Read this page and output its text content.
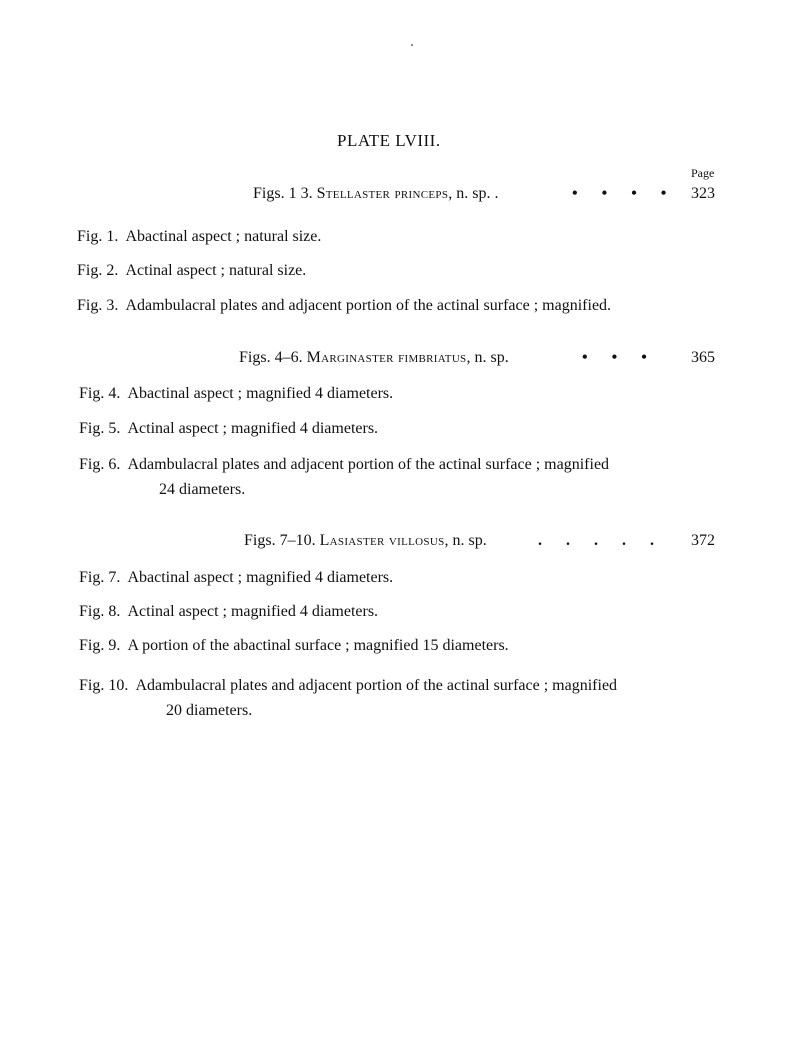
PLATE LVIII.
Page
Figs. 1 3. Stellaster princeps, n. sp. .	• • • • 323
Fig. 1. Abactinal aspect ; natural size.
Fig. 2. Actinal aspect ; natural size.
Fig. 3. Adambulacral plates and adjacent portion of the actinal surface ; magnified.
Figs. 4–6. Marginaster fimbriatus, n. sp.	• • • 365
Fig. 4. Abactinal aspect ; magnified 4 diameters.
Fig. 5. Actinal aspect ; magnified 4 diameters.
Fig. 6. Adambulacral plates and adjacent portion of the actinal surface ; magnified
24 diameters.
Figs. 7–10. Lasiaster villosus, n. sp.	. . . . . 372
Fig. 7. Abactinal aspect ; magnified 4 diameters.
Fig. 8. Actinal aspect ; magnified 4 diameters.
Fig. 9. A portion of the abactinal surface ; magnified 15 diameters.
Fig. 10. Adambulacral plates and adjacent portion of the actinal surface ; magnified
20 diameters.
